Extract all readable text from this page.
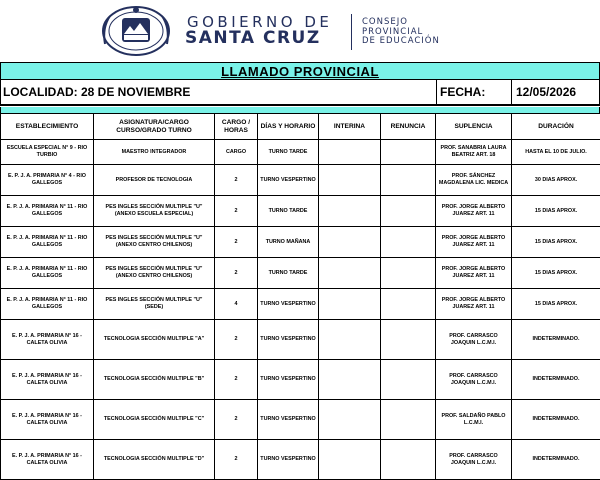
GOBIERNO DE
SANTA CRUZ
CONSEJO
PROVINCIAL
DE EDUCACIÓN
LLAMADO PROVINCIAL
LOCALIDAD: 28 DE NOVIEMBRE	FECHA:	12/05/2026
ESTABLECIMIENTO	ASIGNATURA/CARGO CURSO/GRADO TURNO	CARGO / HORAS	DÍAS Y HORARIO	INTERINA	RENUNCIA	SUPLENCIA	DURACIÓN
ESCUELA ESPECIAL N° 9 - RIO TURBIO	MAESTRO INTEGRADOR	CARGO	TURNO TARDE			PROF. SANABRIA LAURA BEATRIZ ART. 18	HASTA EL 10 DE JULIO.
E. P. J. A. PRIMARIA N° 4 - RIO GALLEGOS	PROFESOR DE TECNOLOGIA	2	TURNO VESPERTINO			PROF. SÁNCHEZ MAGDALENA LIC. MEDICA	30 DIAS APROX.
E. P. J. A. PRIMARIA N° 11 - RIO GALLEGOS	PES INGLES SECCIÓN MULTIPLE "U" (ANEXO ESCUELA ESPECIAL)	2	TURNO TARDE			PROF. JORGE ALBERTO JUAREZ ART. 11	15 DIAS APROX.
E. P. J. A. PRIMARIA N° 11 - RIO GALLEGOS	PES INGLES SECCIÓN MULTIPLE "U" (ANEXO CENTRO CHILENOS)	2	TURNO MAÑANA			PROF. JORGE ALBERTO JUAREZ ART. 11	15 DIAS APROX.
E. P. J. A. PRIMARIA N° 11 - RIO GALLEGOS	PES INGLES SECCIÓN MULTIPLE "U" (ANEXO CENTRO CHILENOS)	2	TURNO TARDE			PROF. JORGE ALBERTO JUAREZ ART. 11	15 DIAS APROX.
E. P. J. A. PRIMARIA N° 11 - RIO GALLEGOS	PES INGLES SECCIÓN MULTIPLE "U" (SEDE)	4	TURNO VESPERTINO			PROF. JORGE ALBERTO JUAREZ ART. 11	15 DIAS APROX.
E. P. J. A. PRIMARIA N° 16 - CALETA OLIVIA	TECNOLOGIA SECCIÓN MULTIPLE "A"	2	TURNO VESPERTINO			PROF. CARRASCO JOAQUIN L.C.M.I.	INDETERMINADO.
E. P. J. A. PRIMARIA N° 16 - CALETA OLIVIA	TECNOLOGIA SECCIÓN MULTIPLE "B"	2	TURNO VESPERTINO			PROF. CARRASCO JOAQUIN L.C.M.I.	INDETERMINADO.
E. P. J. A. PRIMARIA N° 16 - CALETA OLIVIA	TECNOLOGIA SECCIÓN MULTIPLE "C"	2	TURNO VESPERTINO			PROF. SALDAÑO PABLO L.C.M.I.	INDETERMINADO.
E. P. J. A. PRIMARIA N° 16 - CALETA OLIVIA	TECNOLOGIA SECCIÓN MULTIPLE "D"	2	TURNO VESPERTINO			PROF. CARRASCO JOAQUIN L.C.M.I.	INDETERMINADO.
